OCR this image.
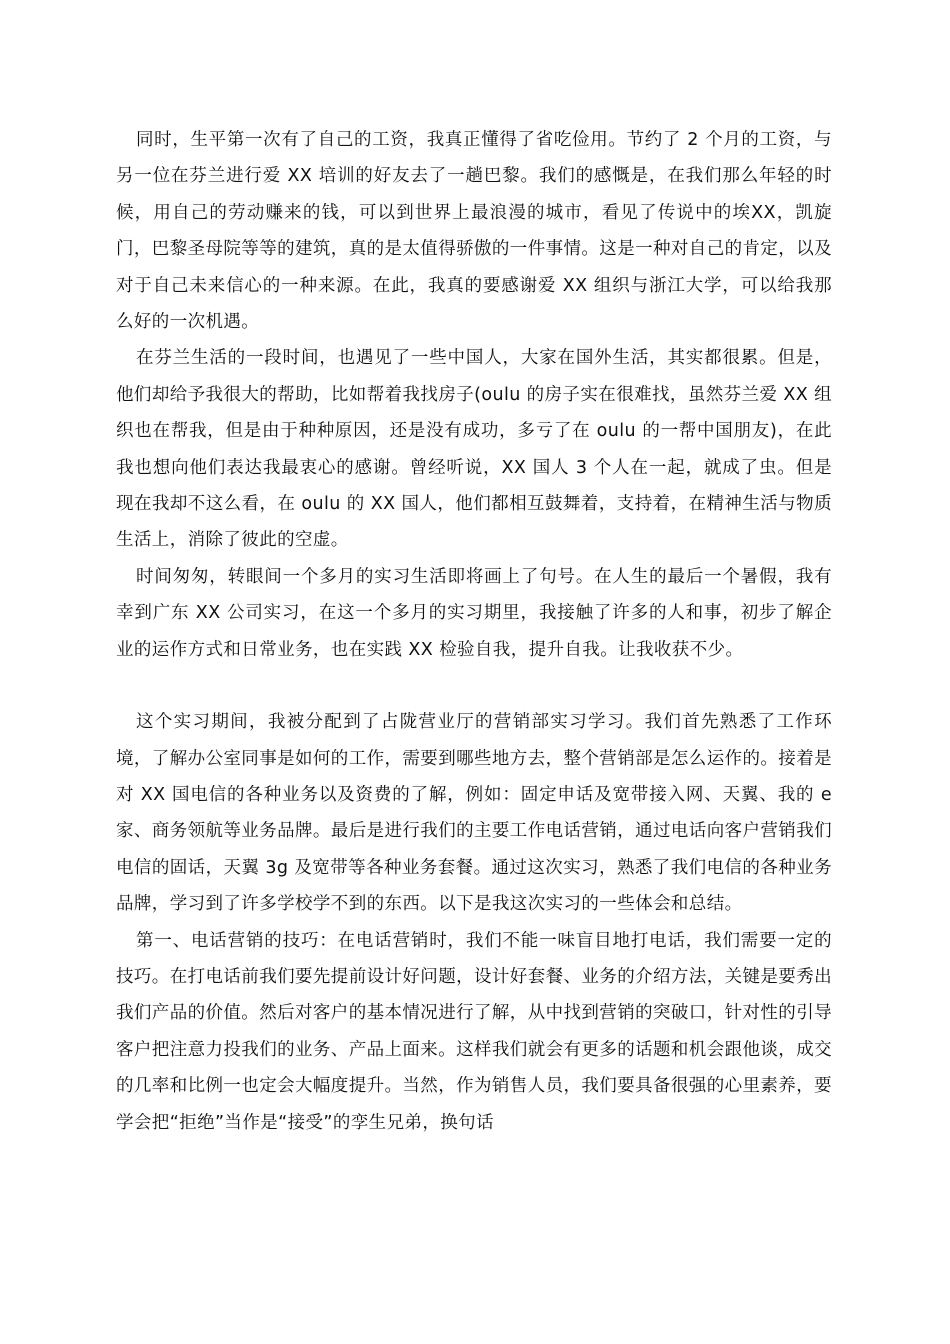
同时，生平第一次有了自己的工资，我真正懂得了省吃俭用。节约了 2 个月的工资，与另一位在芬兰进行爱 XX 培训的好友去了一趟巴黎。我们的感慨是，在我们那么年轻的时候，用自己的劳动赚来的钱，可以到世界上最浪漫的城市，看见了传说中的埃XX，凯旋门，巴黎圣母院等等的建筑，真的是太值得骄傲的一件事情。这是一种对自己的肯定，以及对于自己未来信心的一种来源。在此，我真的要感谢爱 XX 组织与浙江大学，可以给我那么好的一次机遇。

在芬兰生活的一段时间，也遇见了一些中国人，大家在国外生活，其实都很累。但是，他们却给予我很大的帮助，比如帮着我找房子(oulu 的房子实在很难找，虽然芬兰爱 XX 组织也在帮我，但是由于种种原因，还是没有成功，多亏了在 oulu 的一帮中国朋友)，在此我也想向他们表达我最衷心的感谢。曾经听说，XX 国人 3 个人在一起，就成了虫。但是现在我却不这么看，在 oulu 的 XX 国人，他们都相互鼓舞着，支持着，在精神生活与物质生活上，消除了彼此的空虚。

时间匆匆，转眼间一个多月的实习生活即将画上了句号。在人生的最后一个暑假，我有幸到广东 XX 公司实习，在这一个多月的实习期里，我接触了许多的人和事，初步了解企业的运作方式和日常业务，也在实践 XX 检验自我，提升自我。让我收获不少。

这个实习期间，我被分配到了占陇营业厅的营销部实习学习。我们首先熟悉了工作环境，了解办公室同事是如何的工作，需要到哪些地方去，整个营销部是怎么运作的。接着是对 XX 国电信的各种业务以及资费的了解，例如：固定申话及宽带接入网、天翼、我的 e 家、商务领航等业务品牌。最后是进行我们的主要工作电话营销，通过电话向客户营销我们电信的固话，天翼 3g 及宽带等各种业务套餐。通过这次实习，熟悉了我们电信的各种业务品牌，学习到了许多学校学不到的东西。以下是我这次实习的一些体会和总结。

第一、电话营销的技巧：在电话营销时，我们不能一味盲目地打电话，我们需要一定的技巧。在打电话前我们要先提前设计好问题，设计好套餐、业务的介绍方法，关键是要秀出我们产品的价值。然后对客户的基本情况进行了解，从中找到营销的突破口，针对性的引导客户把注意力投我们的业务、产品上面来。这样我们就会有更多的话题和机会跟他谈，成交的几率和比例一也定会大幅度提升。当然，作为销售人员，我们要具备很强的心里素养，要学会把“拒绝”当作是“接受”的孪生兄弟，换句话
